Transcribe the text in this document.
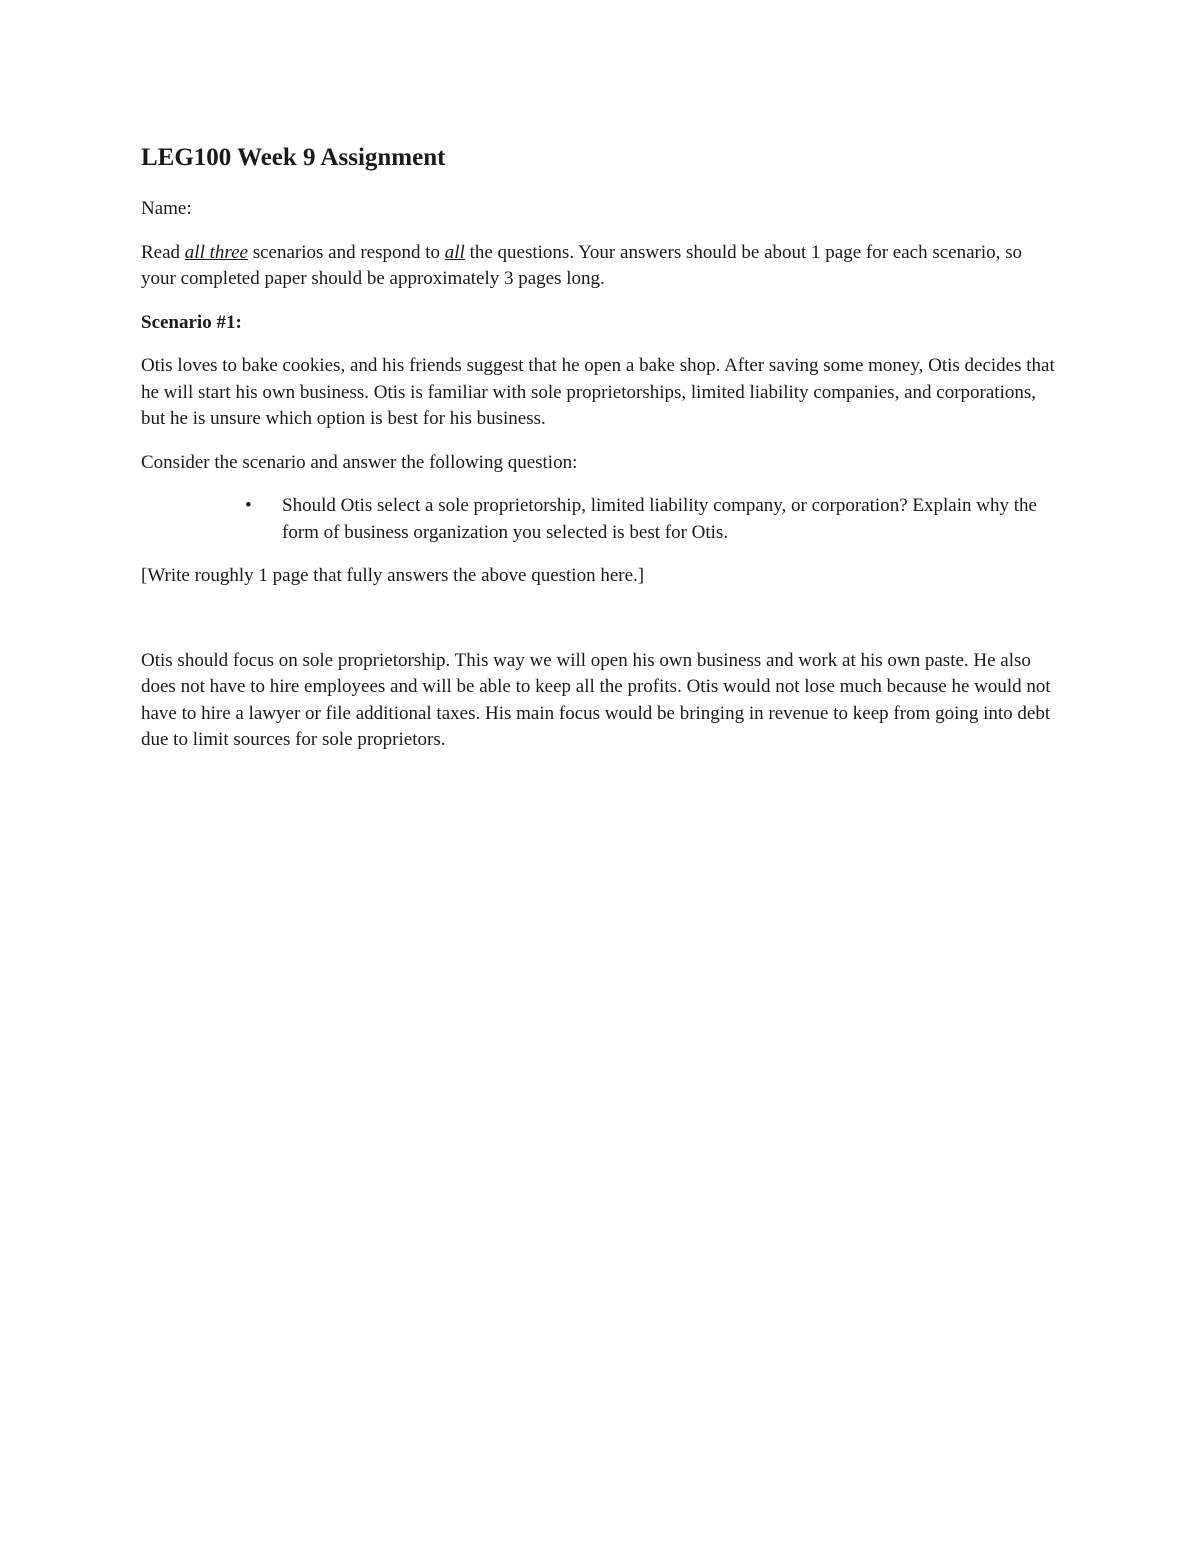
LEG100 Week 9 Assignment

Name:

Read all three scenarios and respond to all the questions. Your answers should be about 1 page for each scenario, so your completed paper should be approximately 3 pages long.

Scenario #1:

Otis loves to bake cookies, and his friends suggest that he open a bake shop. After saving some money, Otis decides that he will start his own business. Otis is familiar with sole proprietorships, limited liability companies, and corporations, but he is unsure which option is best for his business.

Consider the scenario and answer the following question:

• Should Otis select a sole proprietorship, limited liability company, or corporation? Explain why the form of business organization you selected is best for Otis.

[Write roughly 1 page that fully answers the above question here.]

Otis should focus on sole proprietorship. This way we will open his own business and work at his own paste. He also does not have to hire employees and will be able to keep all the profits. Otis would not lose much because he would not have to hire a lawyer or file additional taxes. His main focus would be bringing in revenue to keep from going into debt due to limit sources for sole proprietors.
